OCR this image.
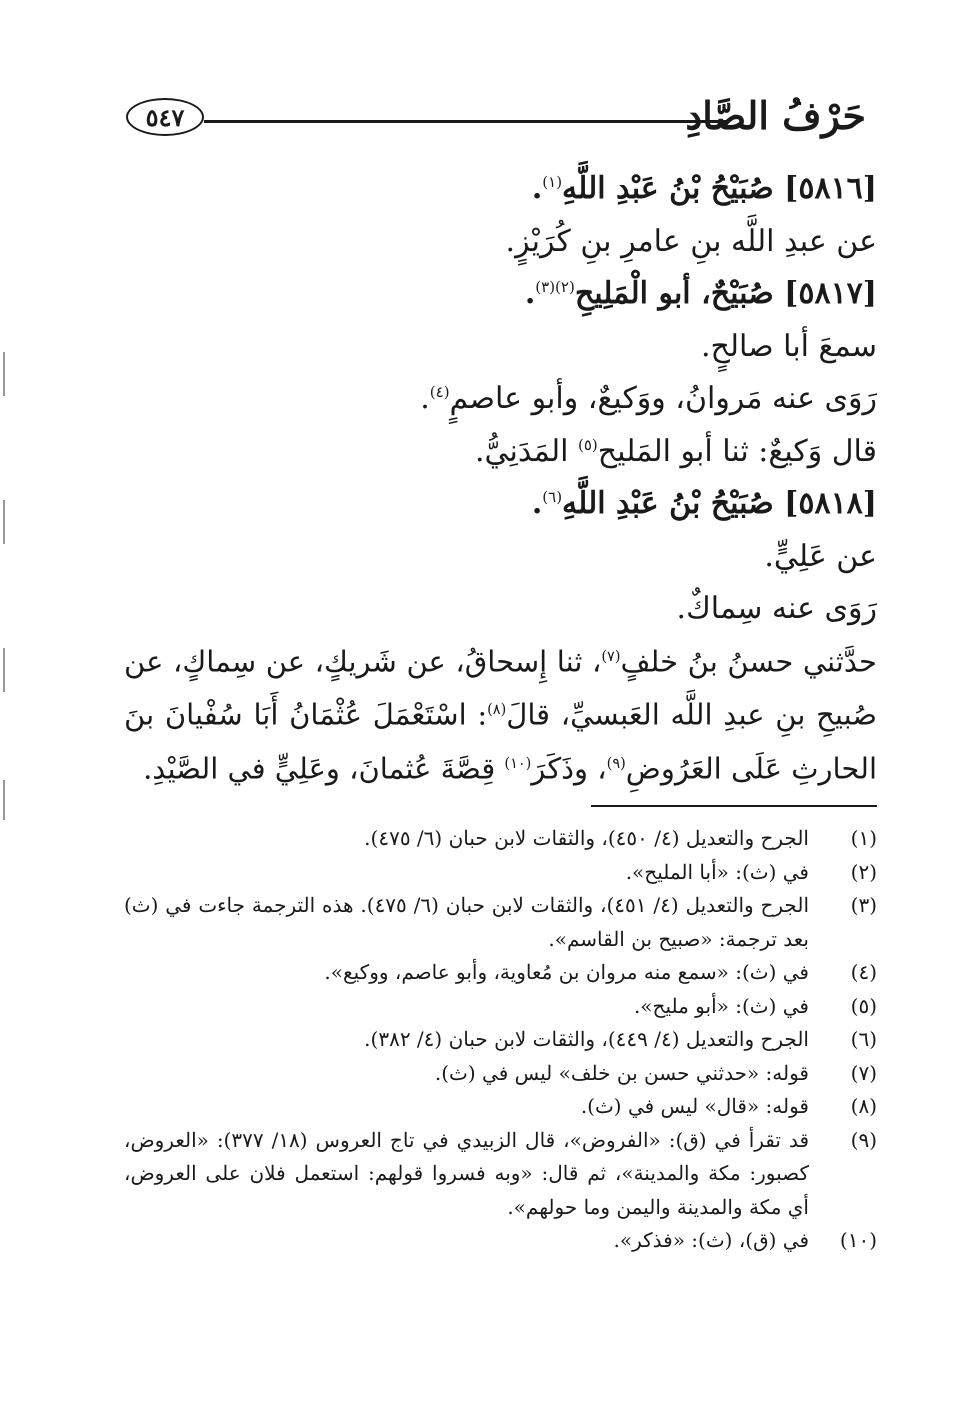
حَرْفُ الصَّادِ
٥٤٧
[٥٨١٦] صُبَيْحُ بْنُ عَبْدِ اللَّهِ$^{(١)}$.
عن عبدِ اللَّه بنِ عامرِ بنِ كُرَيْزٍ.
[٥٨١٧] صُبَيْحٌ، أبو الْمَلِيحِ$^{(٢)(٣)}$.
سمعَ أبا صالحٍ.
رَوَى عنه مَروانُ، ووَكيعٌ، وأبو عاصمٍ$^{(٤)}$.
قال وَكيعٌ: ثنا أبو المَليح$^{(٥)}$ المَدَنِيُّ.
[٥٨١٨] صُبَيْحُ بْنُ عَبْدِ اللَّهِ$^{(٦)}$.
عن عَلِيٍّ.
رَوَى عنه سِماكٌ.

حدَّثني حسنُ بنُ خلفٍ$^{(٧)}$، ثنا إِسحاقُ، عن شَريكٍ، عن سِماكٍ، عن صُبيحِ بنِ عبدِ اللَّه العَبسيِّ، قالَ$^{(٨)}$: اسْتَعْمَلَ عُثْمَانُ أَبَا سُفْيانَ بنَ الحارثِ عَلَى العَرُوضِ$^{(٩)}$، وذَكَرَ$^{(١٠)}$ قِصَّةَ عُثمانَ، وعَلِيٍّ في الصَّيْدِ.

(١)
الجرح والتعديل (٤/ ٤٥٠)، والثقات لابن حبان (٦/ ٤٧٥).
(٢)
في (ث): «أبا المليح».
(٣)
الجرح والتعديل (٤/ ٤٥١)، والثقات لابن حبان (٦/ ٤٧٥). هذه الترجمة جاءت في (ث) بعد ترجمة: «صبيح بن القاسم».
(٤)
في (ث): «سمع منه مروان بن مُعاوية، وأبو عاصم، ووكيع».
(٥)
في (ث): «أبو مليح».
(٦)
الجرح والتعديل (٤/ ٤٤٩)، والثقات لابن حبان (٤/ ٣٨٢).
(٧)
قوله: «حدثني حسن بن خلف» ليس في (ث).
(٨)
قوله: «قال» ليس في (ث).
(٩)
قد تقرأ في (ق): «الفروض»، قال الزبيدي في تاج العروس (١٨/ ٣٧٧): «العروض، كصبور: مكة والمدينة»، ثم قال: «وبه فسروا قولهم: استعمل فلان على العروض، أي مكة والمدينة واليمن وما حولهم».
(١٠)
في (ق)، (ث): «فذكر».
